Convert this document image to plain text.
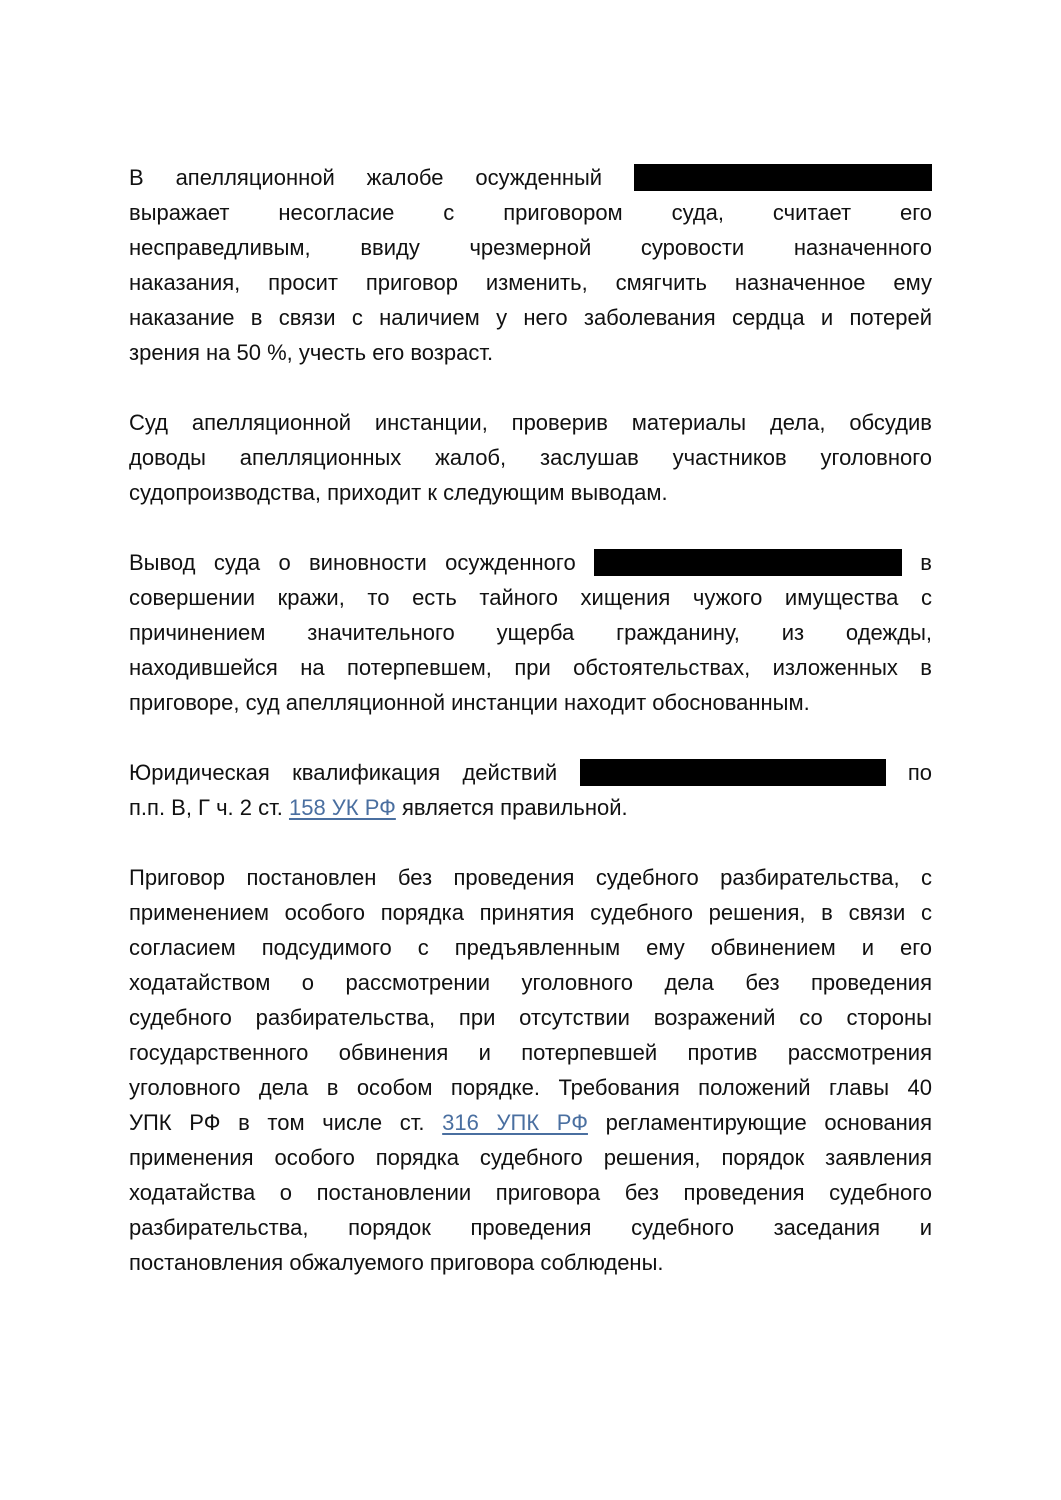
В апелляционной жалобе осужденный
выражает несогласие с приговором суда, считает его
несправедливым, ввиду чрезмерной суровости назначенного
наказания, просит приговор изменить, смягчить назначенное ему
наказание в связи с наличием у него заболевания сердца и потерей
зрения на 50 %, учесть его возраст.
Суд апелляционной инстанции, проверив материалы дела, обсудив
доводы апелляционных жалоб, заслушав участников уголовного
судопроизводства, приходит к следующим выводам.
Вывод суда о виновности осужденного	в
совершении кражи, то есть тайного хищения чужого имущества с
причинением значительного ущерба гражданину, из одежды,
находившейся на потерпевшем, при обстоятельствах, изложенных в
приговоре, суд апелляционной инстанции находит обоснованным.
Юридическая квалификация действий	по
п.п. В, Г ч. 2 ст. 158 УК РФ является правильной.
Приговор постановлен без проведения судебного разбирательства, с
применением особого порядка принятия судебного решения, в связи с
согласием подсудимого с предъявленным ему обвинением и его
ходатайством о рассмотрении уголовного дела без проведения
судебного разбирательства, при отсутствии возражений со стороны
государственного обвинения и потерпевшей против рассмотрения
уголовного дела в особом порядке. Требования положений главы 40
УПК РФ в том числе ст. 316 УПК РФ регламентирующие основания
применения особого порядка судебного решения, порядок заявления
ходатайства о постановлении приговора без проведения судебного
разбирательства, порядок проведения судебного заседания и
постановления обжалуемого приговора соблюдены.
